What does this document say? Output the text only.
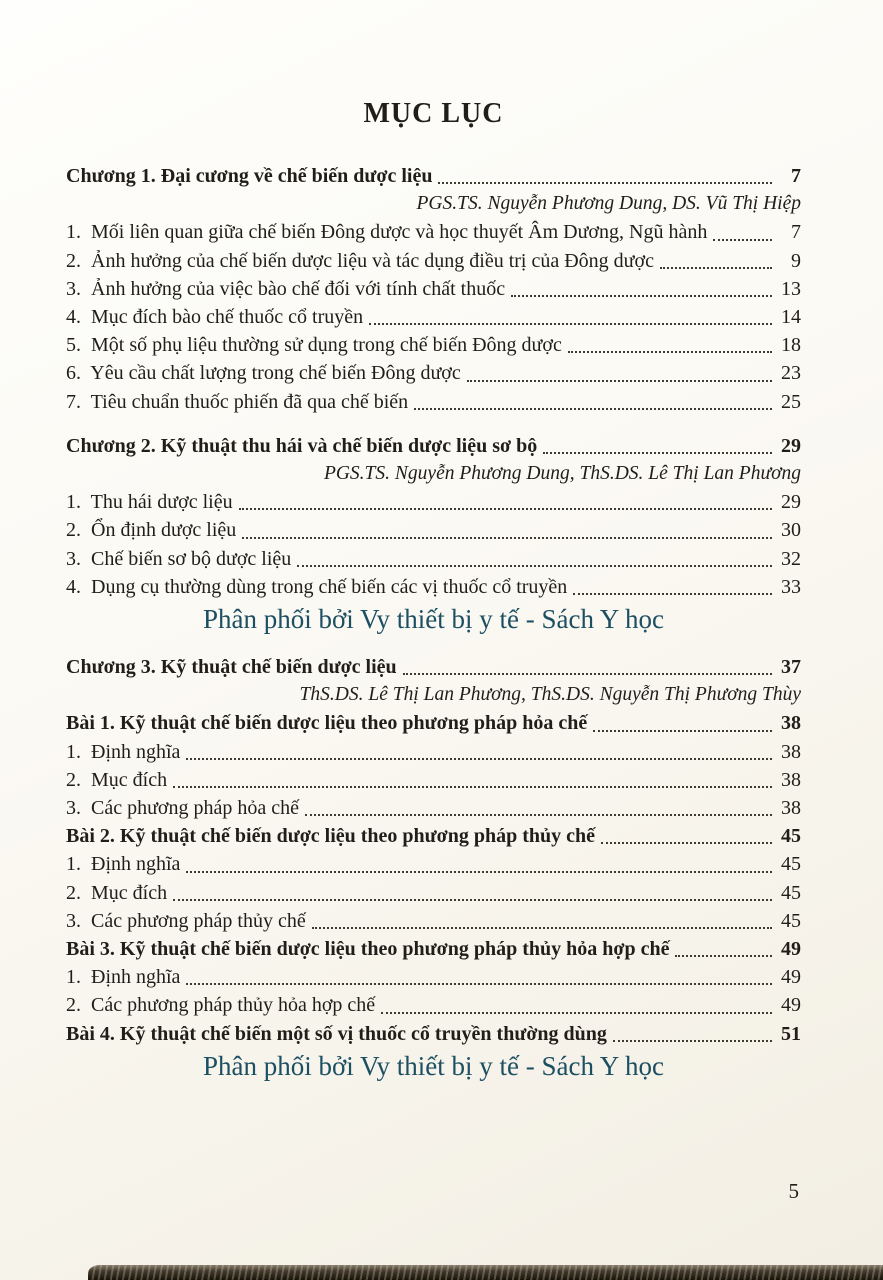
MỤC LỤC
Chương 1. Đại cương về chế biến dược liệu	7
PGS.TS. Nguyễn Phương Dung, DS. Vũ Thị Hiệp
1.  Mối liên quan giữa chế biến Đông dược và học thuyết Âm Dương, Ngũ hành	7
2.  Ảnh hưởng của chế biến dược liệu và tác dụng điều trị của Đông dược	9
3.  Ảnh hưởng của việc bào chế đối với tính chất thuốc	13
4.  Mục đích bào chế thuốc cổ truyền	14
5.  Một số phụ liệu thường sử dụng trong chế biến Đông dược	18
6.  Yêu cầu chất lượng trong chế biến Đông dược	23
7.  Tiêu chuẩn thuốc phiến đã qua chế biến	25
Chương 2. Kỹ thuật thu hái và chế biến dược liệu sơ bộ	29
PGS.TS. Nguyễn Phương Dung, ThS.DS. Lê Thị Lan Phương
1.  Thu hái dược liệu	29
2.  Ổn định dược liệu	30
3.  Chế biến sơ bộ dược liệu	32
4.  Dụng cụ thường dùng trong chế biến các vị thuốc cổ truyền	33
Phân phối bởi Vy thiết bị y tế - Sách Y học
Chương 3. Kỹ thuật chế biến dược liệu	37
ThS.DS. Lê Thị Lan Phương, ThS.DS. Nguyễn Thị Phương Thùy
Bài 1. Kỹ thuật chế biến dược liệu theo phương pháp hỏa chế	38
1.  Định nghĩa	38
2.  Mục đích	38
3.  Các phương pháp hỏa chế	38
Bài 2. Kỹ thuật chế biến dược liệu theo phương pháp thủy chế	45
1.  Định nghĩa	45
2.  Mục đích	45
3.  Các phương pháp thủy chế	45
Bài 3. Kỹ thuật chế biến dược liệu theo phương pháp thủy hỏa hợp chế	49
1.  Định nghĩa	49
2.  Các phương pháp thủy hỏa hợp chế	49
Bài 4. Kỹ thuật chế biến một số vị thuốc cổ truyền thường dùng	51
Phân phối bởi Vy thiết bị y tế - Sách Y học
5
